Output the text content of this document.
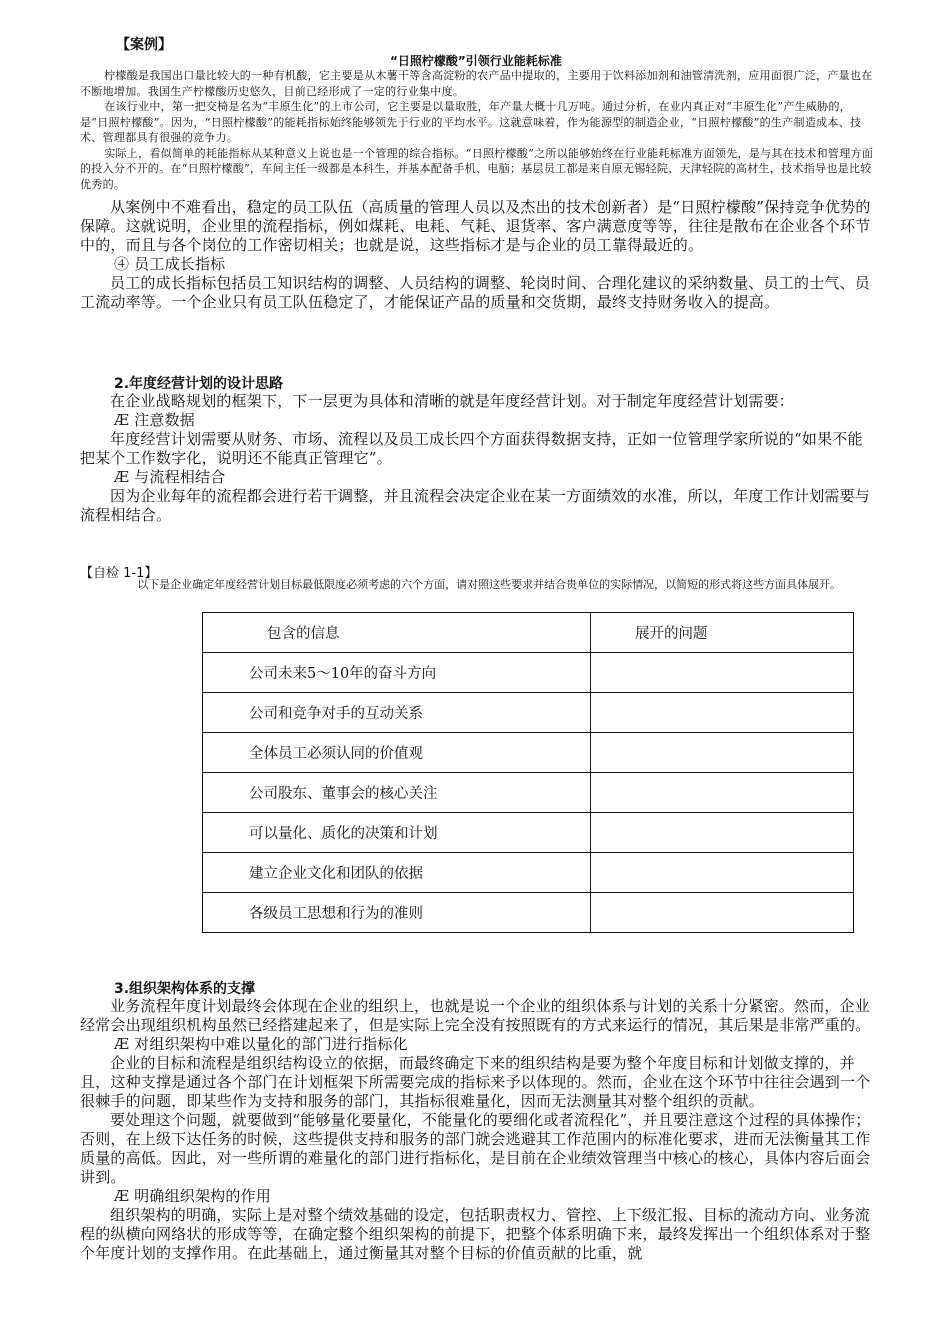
【案例】
“日照柠檬酸”引领行业能耗标准

柠檬酸是我国出口量比较大的一种有机酸，它主要是从木薯干等含高淀粉的农产品中提取的，主要用于饮料添加剂和油管清洗剂，应用面很广泛，产量也在不断地增加。我国生产柠檬酸历史悠久，目前已经形成了一定的行业集中度。

在该行业中，第一把交椅是名为“丰原生化”的上市公司，它主要是以量取胜，年产量大概十几万吨。通过分析，在业内真正对“丰原生化”产生威胁的，是“日照柠檬酸”。因为，“日照柠檬酸”的能耗指标始终能够领先于行业的平均水平。这就意味着，作为能源型的制造企业，“日照柠檬酸”的生产制造成本、技术、管理都具有很强的竞争力。

实际上，看似简单的耗能指标从某种意义上说也是一个管理的综合指标。“日照柠檬酸”之所以能够始终在行业能耗标准方面领先，是与其在技术和管理方面的投入分不开的。在“日照柠檬酸”，车间主任一级都是本科生，并基本配备手机、电脑；基层员工都是来自原无锡轻院、天津轻院的高材生，技术指导也是比较优秀的。

从案例中不难看出，稳定的员工队伍（高质量的管理人员以及杰出的技术创新者）是“日照柠檬酸”保持竞争优势的保障。这就说明，企业里的流程指标，例如煤耗、电耗、气耗、退货率、客户满意度等等，往往是散布在企业各个环节中的，而且与各个岗位的工作密切相关；也就是说，这些指标才是与企业的员工靠得最近的。

④ 员工成长指标

员工的成长指标包括员工知识结构的调整、人员结构的调整、轮岗时间、合理化建议的采纳数量、员工的士气、员工流动率等。一个企业只有员工队伍稳定了，才能保证产品的质量和交货期，最终支持财务收入的提高。

2.年度经营计划的设计思路

在企业战略规划的框架下，下一层更为具体和清晰的就是年度经营计划。对于制定年度经营计划需要：

Æ 注意数据

年度经营计划需要从财务、市场、流程以及员工成长四个方面获得数据支持，正如一位管理学家所说的“如果不能把某个工作数字化，说明还不能真正管理它”。

Æ 与流程相结合

因为企业每年的流程都会进行若干调整，并且流程会决定企业在某一方面绩效的水准，所以，年度工作计划需要与流程相结合。

【自检 1-1】

以下是企业确定年度经营计划目标最低限度必须考虑的六个方面，请对照这些要求并结合贵单位的实际情况，以简短的形式将这些方面具体展开。

包含的信息	展开的问题
公司未来5～10年的奋斗方向	
公司和竞争对手的互动关系	
全体员工必须认同的价值观	
公司股东、董事会的核心关注	
可以量化、质化的决策和计划	
建立企业文化和团队的依据	
各级员工思想和行为的准则	
3.组织架构体系的支撑

业务流程年度计划最终会体现在企业的组织上，也就是说一个企业的组织体系与计划的关系十分紧密。然而，企业经常会出现组织机构虽然已经搭建起来了，但是实际上完全没有按照既有的方式来运行的情况，其后果是非常严重的。

Æ 对组织架构中难以量化的部门进行指标化

企业的目标和流程是组织结构设立的依据，而最终确定下来的组织结构是要为整个年度目标和计划做支撑的，并且，这种支撑是通过各个部门在计划框架下所需要完成的指标来予以体现的。然而，企业在这个环节中往往会遇到一个很棘手的问题，即某些作为支持和服务的部门，其指标很难量化，因而无法测量其对整个组织的贡献。

要处理这个问题，就要做到“能够量化要量化，不能量化的要细化或者流程化”，并且要注意这个过程的具体操作；否则，在上级下达任务的时候，这些提供支持和服务的部门就会逃避其工作范围内的标准化要求，进而无法衡量其工作质量的高低。因此，对一些所谓的难量化的部门进行指标化，是目前在企业绩效管理当中核心的核心，具体内容后面会讲到。

Æ 明确组织架构的作用

组织架构的明确，实际上是对整个绩效基础的设定，包括职责权力、管控、上下级汇报、目标的流动方向、业务流程的纵横向网络状的形成等等，在确定整个组织架构的前提下，把整个体系明确下来，最终发挥出一个组织体系对于整个年度计划的支撑作用。在此基础上，通过衡量其对整个目标的价值贡献的比重，就
